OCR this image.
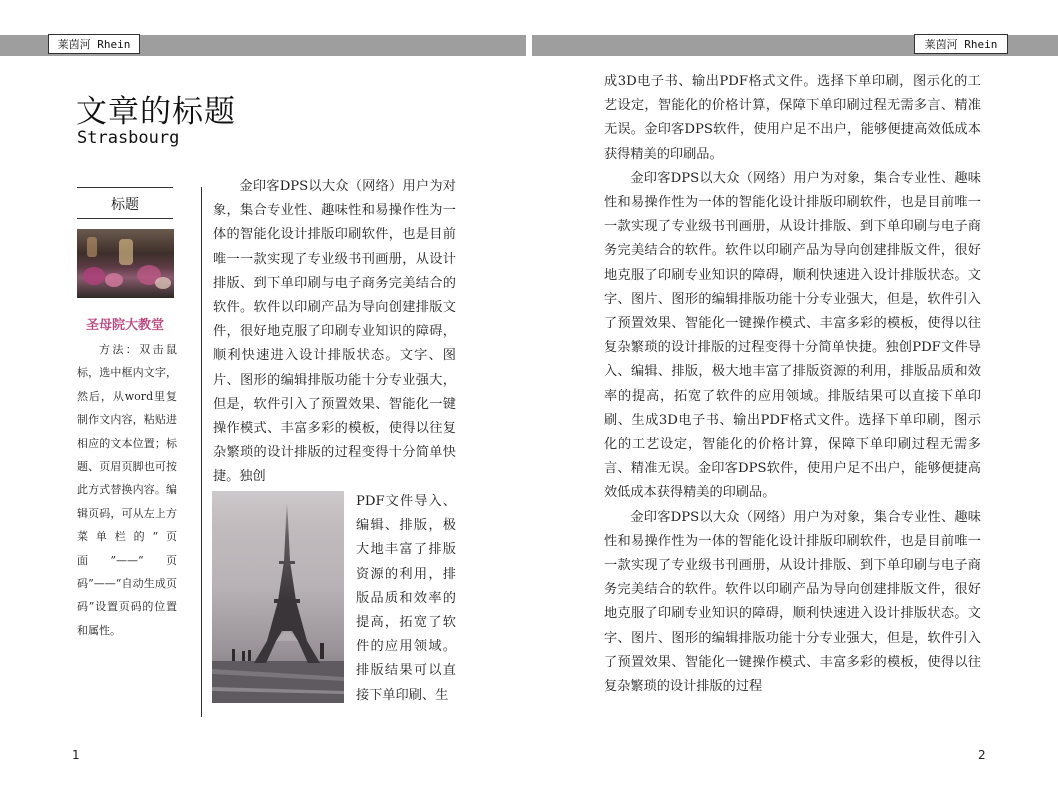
莱茵河 Rhein	莱茵河 Rhein
文章的标题
Strasbourg
标题
圣母院大教堂
方法：双击鼠标，选中框内文字，然后，从word里复制作文内容，粘贴进相应的文本位置；标题、页眉页脚也可按此方式替换内容。编辑页码，可从左上方菜单栏的“页面”——“页码”——“自动生成页码”设置页码的位置和属性。

金印客DPS以大众（网络）用户为对象，集合专业性、趣味性和易操作性为一体的智能化设计排版印刷软件，也是目前唯一一款实现了专业级书刊画册，从设计排版、到下单印刷与电子商务完美结合的软件。软件以印刷产品为导向创建排版文件，很好地克服了印刷专业知识的障碍，顺利快速进入设计排版状态。文字、图片、图形的编辑排版功能十分专业强大，但是，软件引入了预置效果、智能化一键操作模式、丰富多彩的模板，使得以往复杂繁琐的设计排版的过程变得十分简单快捷。独创

PDF文件导入、编辑、排版，极大地丰富了排版资源的利用，排版品质和效率的提高，拓宽了软件的应用领域。排版结果可以直接下单印刷、生
1

成3D电子书、输出PDF格式文件。选择下单印刷，图示化的工艺设定，智能化的价格计算，保障下单印刷过程无需多言、精准无误。金印客DPS软件，使用户足不出户，能够便捷高效低成本获得精美的印刷品。

金印客DPS以大众（网络）用户为对象，集合专业性、趣味性和易操作性为一体的智能化设计排版印刷软件，也是目前唯一一款实现了专业级书刊画册，从设计排版、到下单印刷与电子商务完美结合的软件。软件以印刷产品为导向创建排版文件，很好地克服了印刷专业知识的障碍，顺利快速进入设计排版状态。文字、图片、图形的编辑排版功能十分专业强大，但是，软件引入了预置效果、智能化一键操作模式、丰富多彩的模板，使得以往复杂繁琐的设计排版的过程变得十分简单快捷。独创PDF文件导入、编辑、排版，极大地丰富了排版资源的利用，排版品质和效率的提高，拓宽了软件的应用领域。排版结果可以直接下单印刷、生成3D电子书、输出PDF格式文件。选择下单印刷，图示化的工艺设定，智能化的价格计算，保障下单印刷过程无需多言、精准无误。金印客DPS软件，使用户足不出户，能够便捷高效低成本获得精美的印刷品。

金印客DPS以大众（网络）用户为对象，集合专业性、趣味性和易操作性为一体的智能化设计排版印刷软件，也是目前唯一一款实现了专业级书刊画册，从设计排版、到下单印刷与电子商务完美结合的软件。软件以印刷产品为导向创建排版文件，很好地克服了印刷专业知识的障碍，顺利快速进入设计排版状态。文字、图片、图形的编辑排版功能十分专业强大，但是，软件引入了预置效果、智能化一键操作模式、丰富多彩的模板，使得以往复杂繁琐的设计排版的过程

2
